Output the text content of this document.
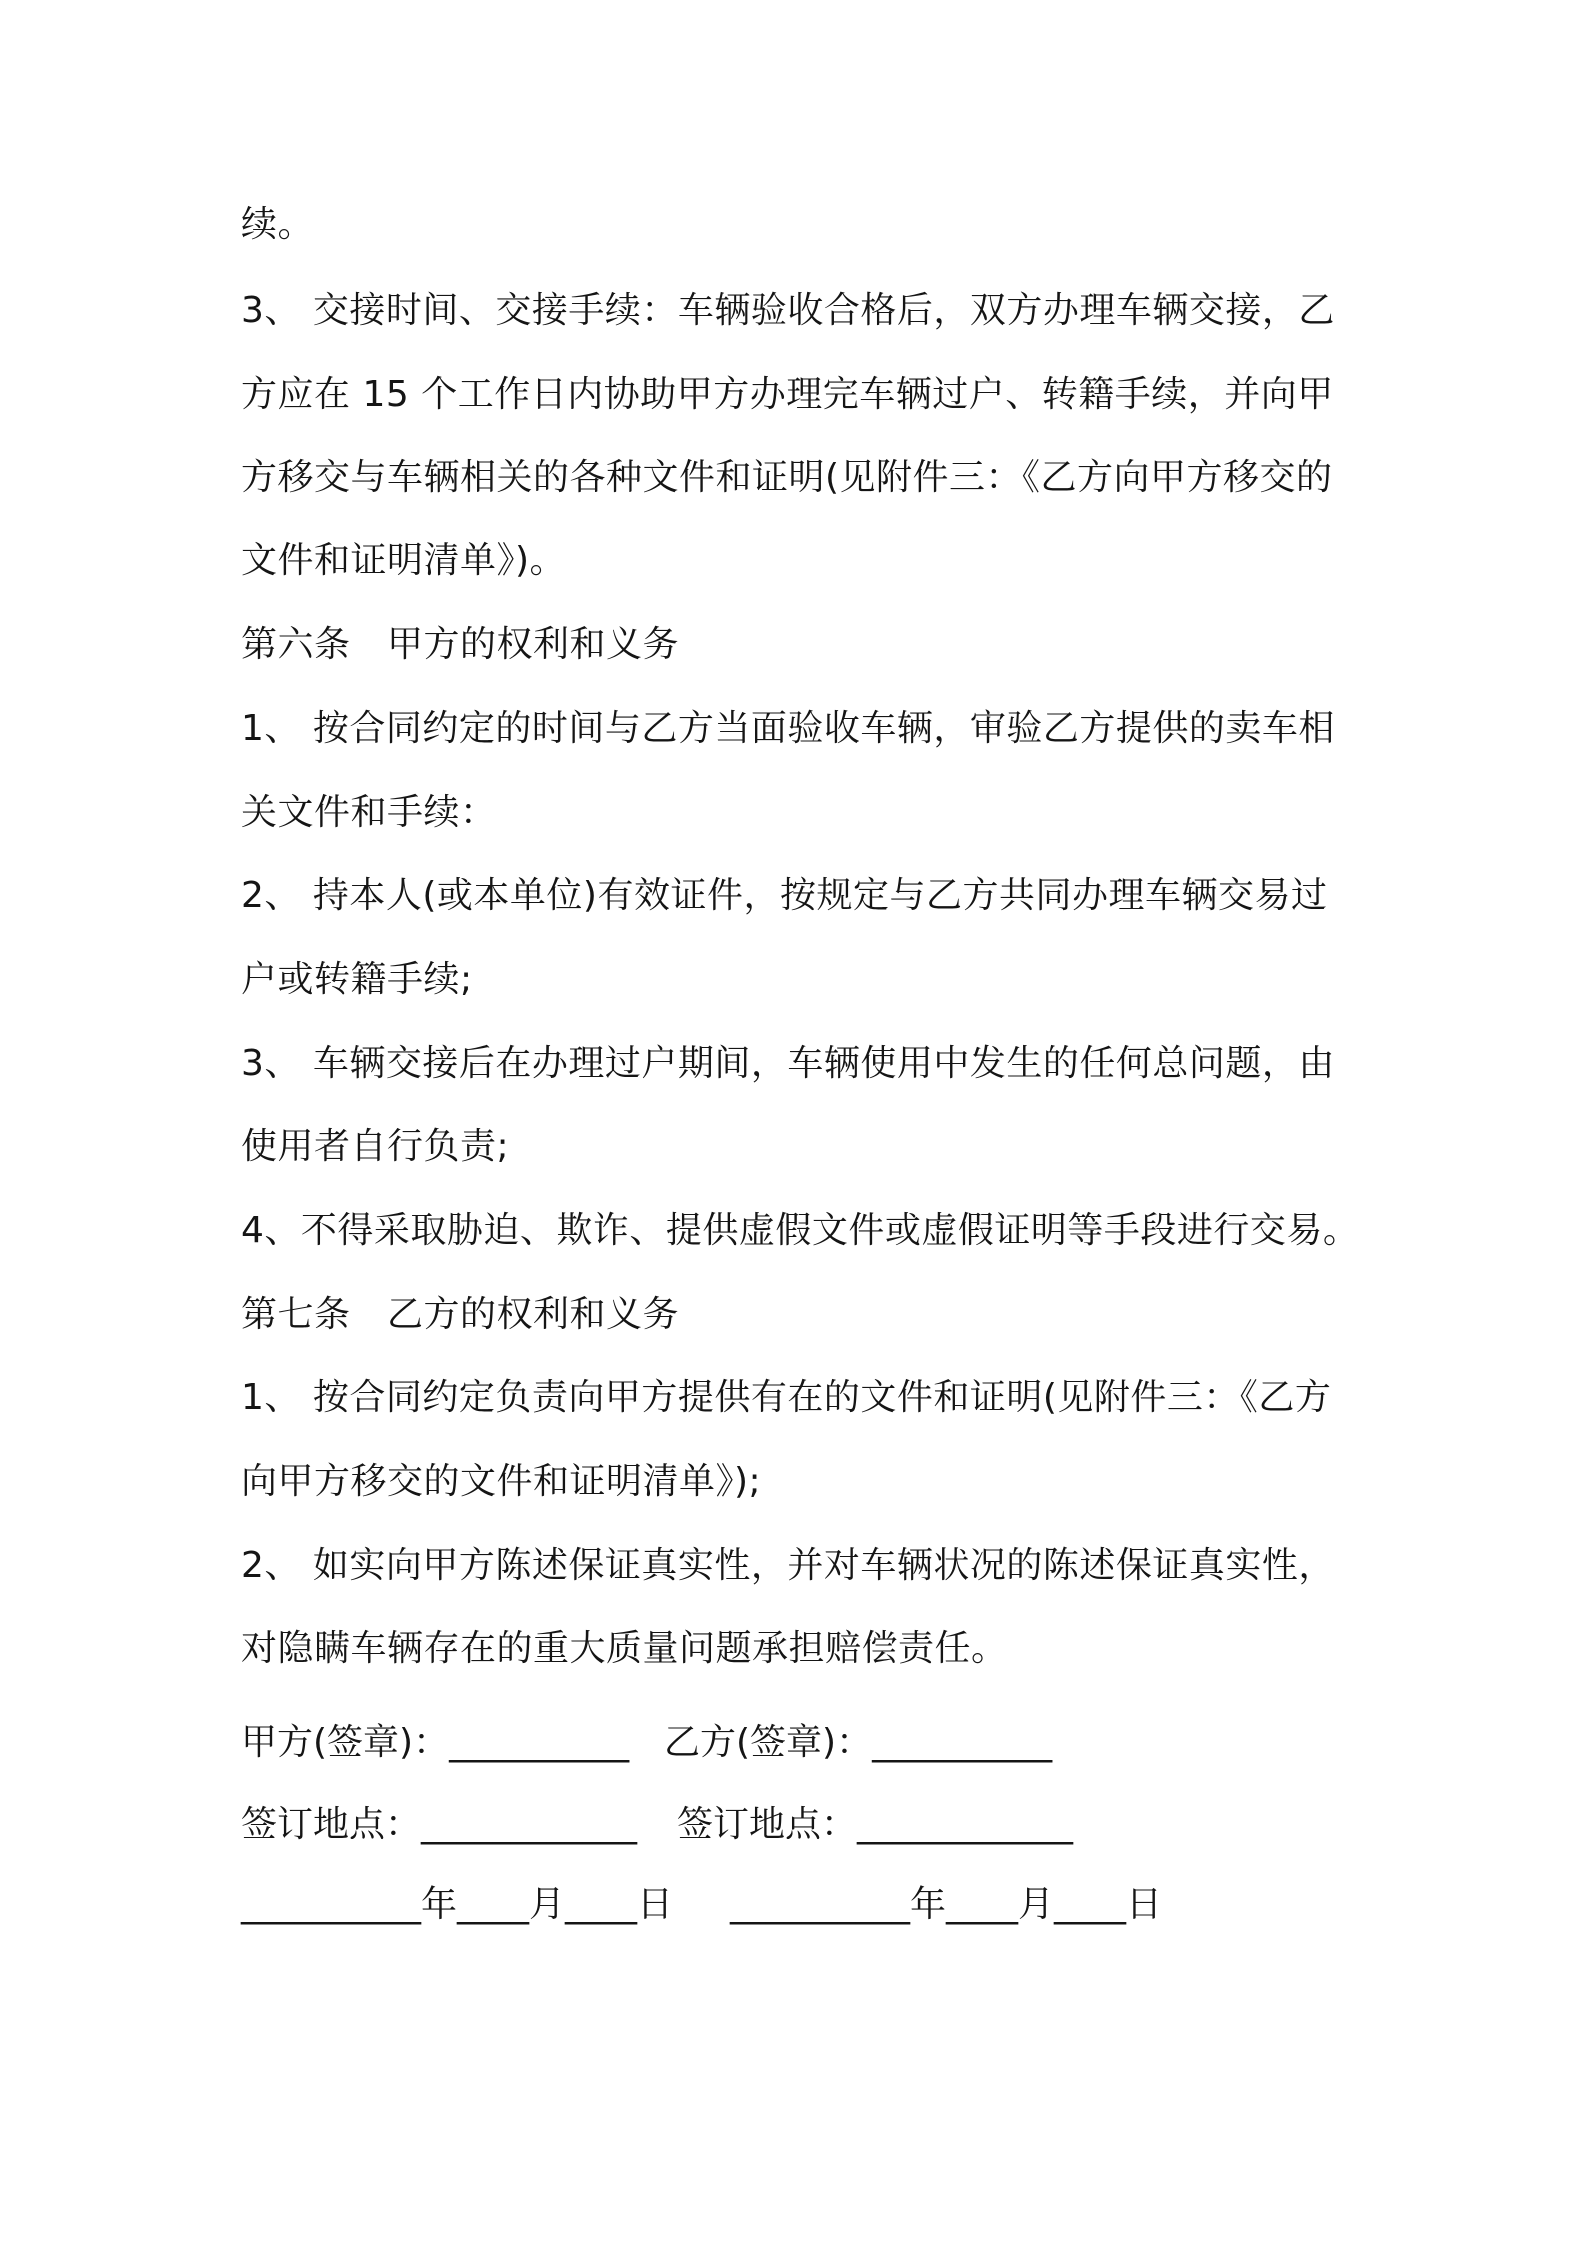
续。
3、 交接时间、交接手续：车辆验收合格后，双方办理车辆交接，乙
方应在 15 个工作日内协助甲方办理完车辆过户、转籍手续，并向甲
方移交与车辆相关的各种文件和证明(见附件三：《乙方向甲方移交的
文件和证明清单》)。
第六条　甲方的权利和义务
1、 按合同约定的时间与乙方当面验收车辆，审验乙方提供的卖车相
关文件和手续：
2、 持本人(或本单位)有效证件，按规定与乙方共同办理车辆交易过
户或转籍手续;
3、 车辆交接后在办理过户期间，车辆使用中发生的任何总问题，由
使用者自行负责;
4、不得采取胁迫、欺诈、提供虚假文件或虚假证明等手段进行交易。
第七条　乙方的权利和义务
1、 按合同约定负责向甲方提供有在的文件和证明(见附件三：《乙方
向甲方移交的文件和证明清单》);
2、 如实向甲方陈述保证真实性，并对车辆状况的陈述保证真实性，
对隐瞒车辆存在的重大质量问题承担赔偿责任。
甲方(签章)：__________ 乙方(签章)：__________
签订地点：____________ 签订地点：____________
__________年____月____日 __________年____月____日
